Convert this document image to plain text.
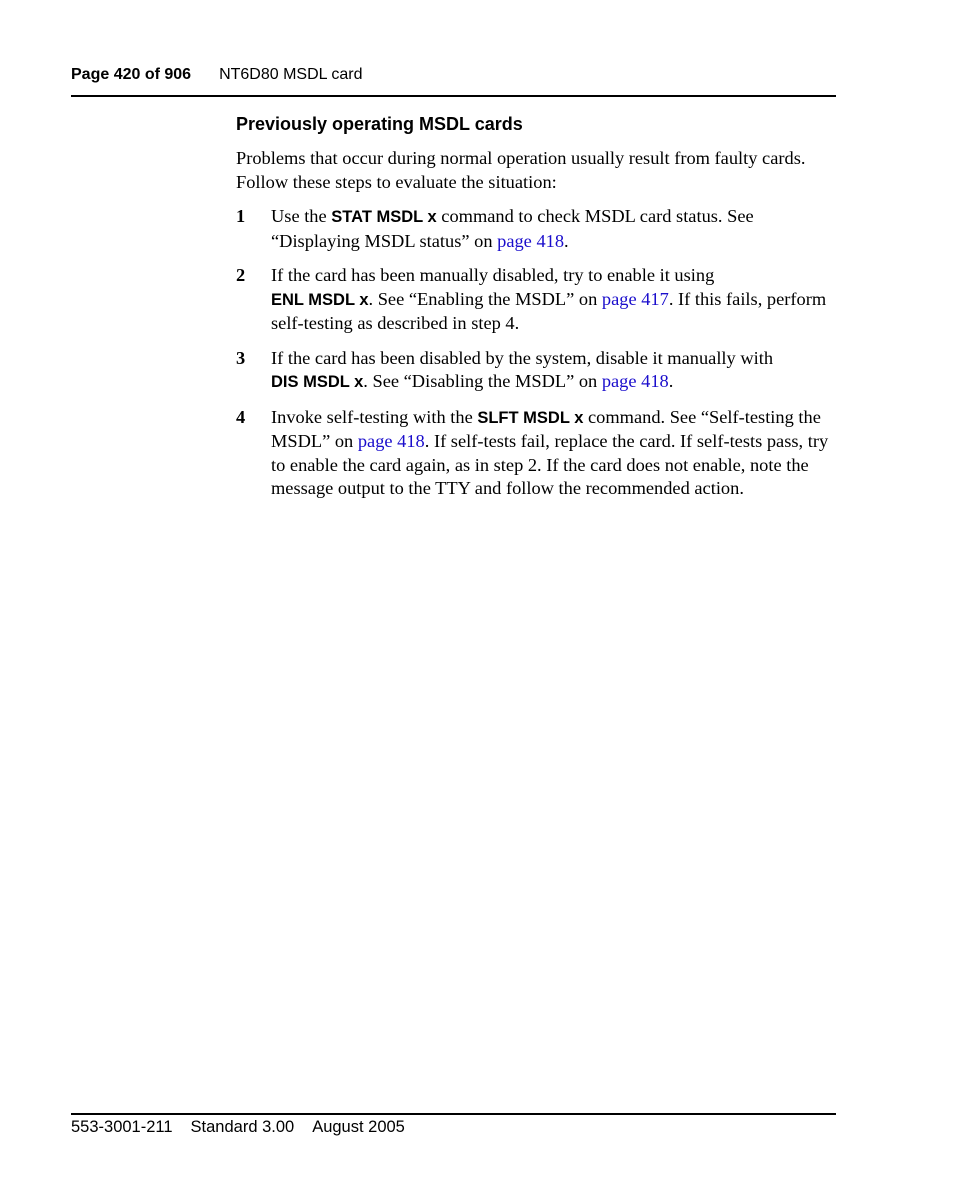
Page 420 of 906 NT6D80 MSDL card
Previously operating MSDL cards

Problems that occur during normal operation usually result from faulty cards. Follow these steps to evaluate the situation:

1 Use the STAT MSDL x command to check MSDL card status. See “Displaying MSDL status” on page 418.
2 If the card has been manually disabled, try to enable it using
ENL MSDL x. See “Enabling the MSDL” on page 417. If this fails, perform self-testing as described in step 4.
3 If the card has been disabled by the system, disable it manually with
DIS MSDL x. See “Disabling the MSDL” on page 418.
4 Invoke self-testing with the SLFT MSDL x command. See “Self-testing the MSDL” on page 418. If self-tests fail, replace the card. If self-tests pass, try to enable the card again, as in step 2. If the card does not enable, note the message output to the TTY and follow the recommended action.
553-3001-211 Standard 3.00 August 2005
